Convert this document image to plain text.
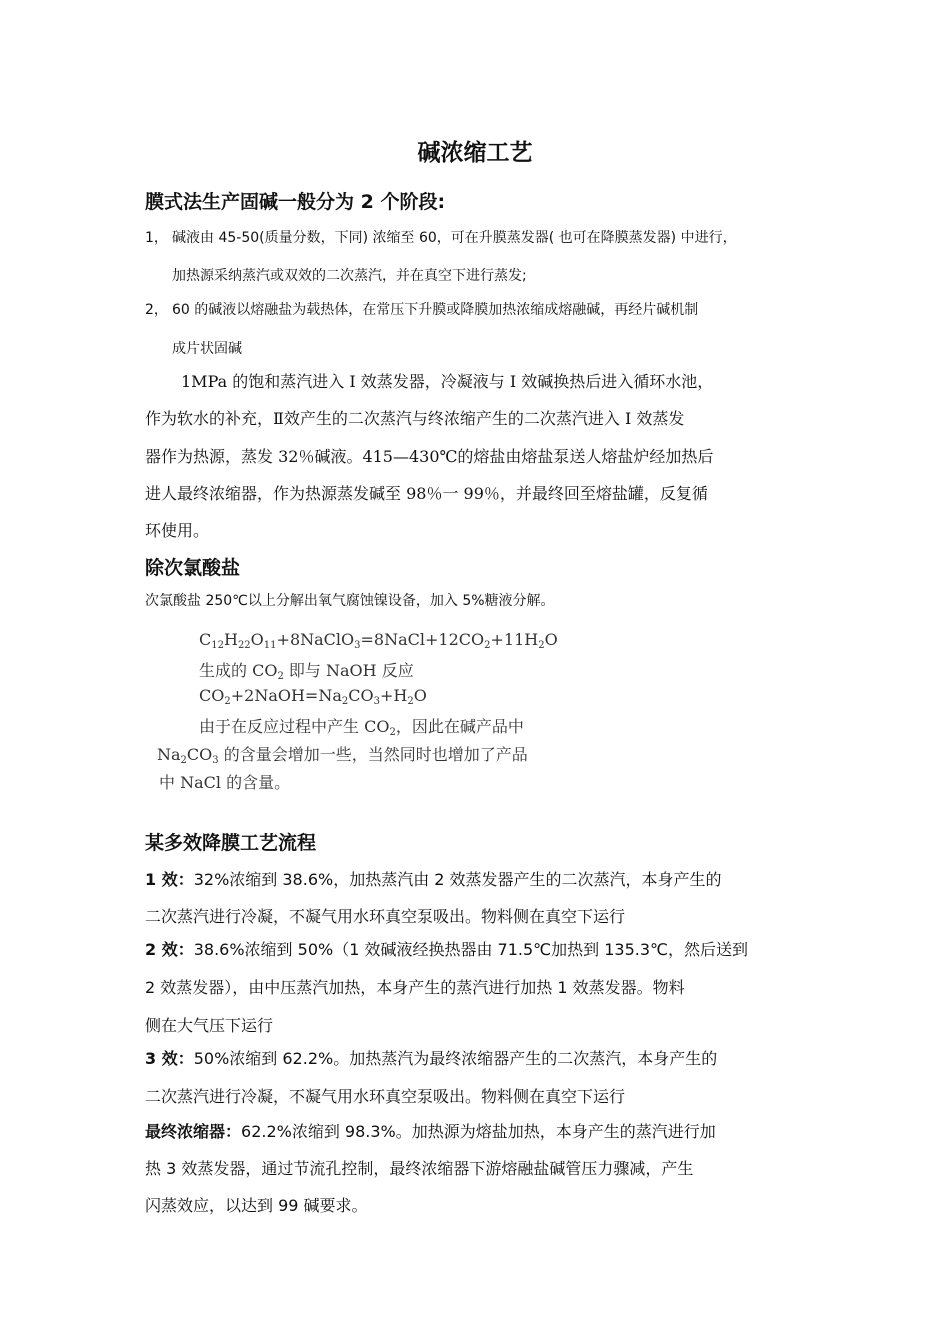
碱浓缩工艺
膜式法生产固碱一般分为 2 个阶段:
1， 碱液由 45-50(质量分数，下同) 浓缩至 60，可在升膜蒸发器( 也可在降膜蒸发器) 中进行，
加热源采纳蒸汽或双效的二次蒸汽，并在真空下进行蒸发;
2， 60 的碱液以熔融盐为载热体，在常压下升膜或降膜加热浓缩成熔融碱，再经片碱机制
成片状固碱
1MPa 的饱和蒸汽进入 I 效蒸发器，冷凝液与 I 效碱换热后进入循环水池，
作为软水的补充，Ⅱ效产生的二次蒸汽与终浓缩产生的二次蒸汽进入 I 效蒸发
器作为热源，蒸发 32％碱液。415—430℃的熔盐由熔盐泵送人熔盐炉经加热后
进人最终浓缩器，作为热源蒸发碱至 98％一 99％，并最终回至熔盐罐，反复循
环使用。
除次氯酸盐
次氯酸盐 250℃以上分解出氧气腐蚀镍设备，加入 5%糖液分解。
$C_{12}H_{22}O_{11}+8NaClO_3=8NaCl+12CO_2+11H_2O$
生成的 $CO_2$ 即与 NaOH 反应
$CO_2+2NaOH=Na_2CO_3+H_2O$
由于在反应过程中产生 $CO_2$，因此在碱产品中
$Na_2CO_3$ 的含量会增加一些，当然同时也增加了产品
中 NaCl 的含量。
某多效降膜工艺流程
1 效：32%浓缩到 38.6%，加热蒸汽由 2 效蒸发器产生的二次蒸汽，本身产生的
二次蒸汽进行冷凝，不凝气用水环真空泵吸出。物料侧在真空下运行
2 效：38.6%浓缩到 50%（1 效碱液经换热器由 71.5℃加热到 135.3℃，然后送到
2 效蒸发器），由中压蒸汽加热，本身产生的蒸汽进行加热 1 效蒸发器。物料
侧在大气压下运行
3 效：50%浓缩到 62.2%。加热蒸汽为最终浓缩器产生的二次蒸汽，本身产生的
二次蒸汽进行冷凝，不凝气用水环真空泵吸出。物料侧在真空下运行
最终浓缩器：62.2%浓缩到 98.3%。加热源为熔盐加热，本身产生的蒸汽进行加
热 3 效蒸发器，通过节流孔控制，最终浓缩器下游熔融盐碱管压力骤减，产生
闪蒸效应，以达到 99 碱要求。
